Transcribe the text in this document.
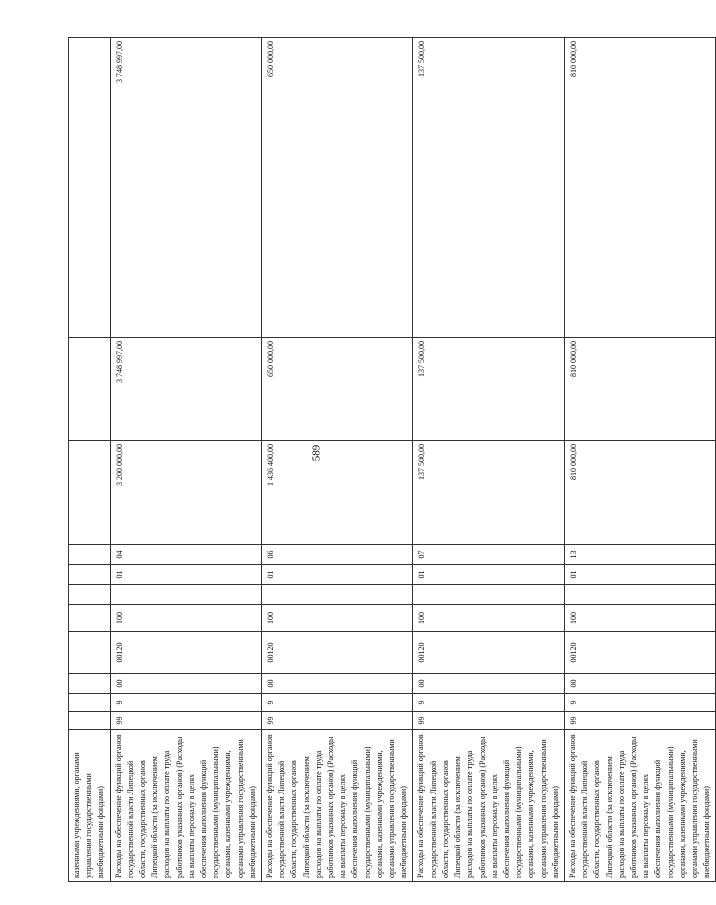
589
казенными учреждениями, органами управления государственными внебюджетными фондами)											
Расходы на обеспечение функций органов государственной власти Липецкой области, государственных органов Липецкой области (за исключением расходов на выплаты по оплате труда работников указанных органов) (Расходы на выплаты персоналу в целях обеспечения выполнения функций государственными (муниципальными) органами, казенными учреждениями, органами управления государственными внебюджетными фондами)	99	9	00	00120	100		01	04	3 200 000,00	3 748 997,00	3 748 997,00
Расходы на обеспечение функций органов государственной власти Липецкой области, государственных органов Липецкой области (за исключением расходов на выплаты по оплате труда работников указанных органов) (Расходы на выплаты персоналу в целях обеспечения выполнения функций государственными (муниципальными) органами, казенными учреждениями, органами управления государственными внебюджетными фондами)	99	9	00	00120	100		01	06	1 436 400,00	650 000,00	650 000,00
Расходы на обеспечение функций органов государственной власти Липецкой области, государственных органов Липецкой области (за исключением расходов на выплаты по оплате труда работников указанных органов) (Расходы на выплаты персоналу в целях обеспечения выполнения функций государственными (муниципальными) органами, казенными учреждениями, органами управления государственными внебюджетными фондами)	99	9	00	00120	100		01	07	137 500,00	137 500,00	137 500,00
Расходы на обеспечение функций органов государственной власти Липецкой области, государственных органов Липецкой области (за исключением расходов на выплаты по оплате труда работников указанных органов) (Расходы на выплаты персоналу в целях обеспечения выполнения функций государственными (муниципальными) органами, казенными учреждениями, органами управления государственными внебюджетными фондами)	99	9	00	00120	100		01	13	810 000,00	810 000,00	810 000,00
